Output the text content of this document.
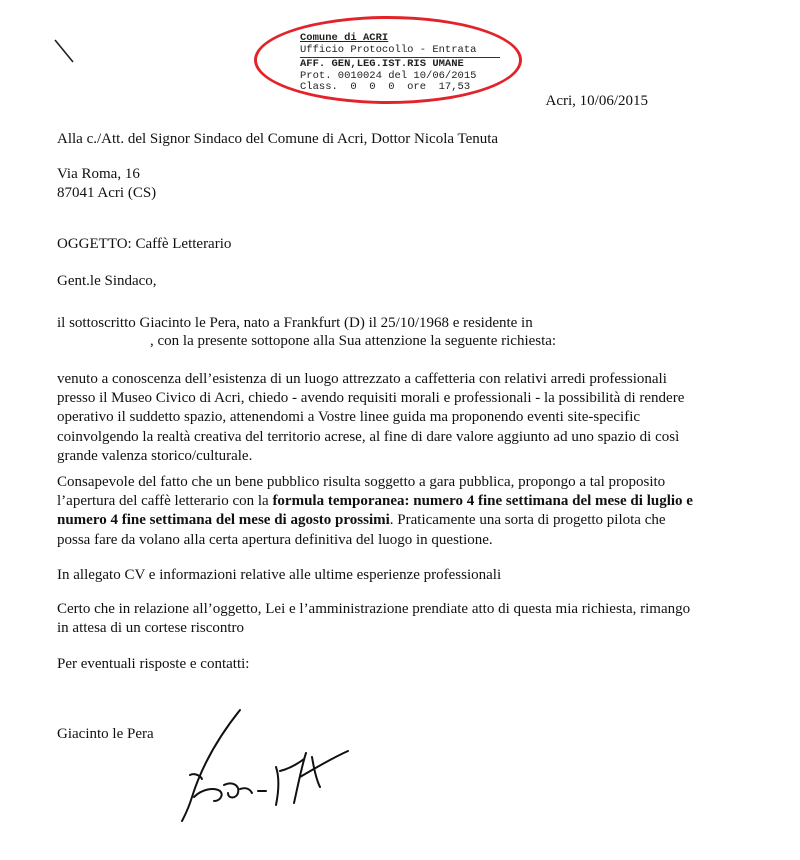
Comune di ACRI
Ufficio Protocollo - Entrata
AFF. GEN,LEG.IST.RIS UMANE
Prot. 0010024 del 10/06/2015
Class.  0  0  0  ore  17,53
Acri, 10/06/2015
Alla c./Att. del Signor Sindaco del Comune di Acri, Dottor Nicola Tenuta
Via Roma, 16
87041 Acri (CS)
OGGETTO: Caffè Letterario
Gent.le Sindaco,
il sottoscritto Giacinto le Pera, nato a Frankfurt (D) il 25/10/1968 e residente in
, con la presente sottopone alla Sua attenzione la seguente richiesta:
venuto a conoscenza dell’esistenza di un luogo attrezzato a caffetteria con relativi arredi professionali presso il Museo Civico di Acri, chiedo - avendo requisiti morali e professionali - la possibilità di rendere operativo il suddetto spazio, attenendomi a Vostre linee guida ma proponendo eventi site-specific coinvolgendo la realtà creativa del territorio acrese, al fine di dare valore aggiunto ad uno spazio di così grande valenza storico/culturale.
Consapevole del fatto che un bene pubblico risulta soggetto a gara pubblica, propongo a tal proposito l’apertura del caffè letterario con la formula temporanea: numero 4 fine settimana del mese di luglio e numero 4 fine settimana del mese di agosto prossimi. Praticamente una sorta di progetto pilota che possa fare da volano alla certa apertura definitiva del luogo in questione.
In allegato CV e informazioni relative alle ultime esperienze professionali
Certo che in relazione all’oggetto, Lei e l’amministrazione prendiate atto di questa mia richiesta, rimango in attesa di un cortese riscontro
Per eventuali risposte e contatti:
Giacinto le Pera
